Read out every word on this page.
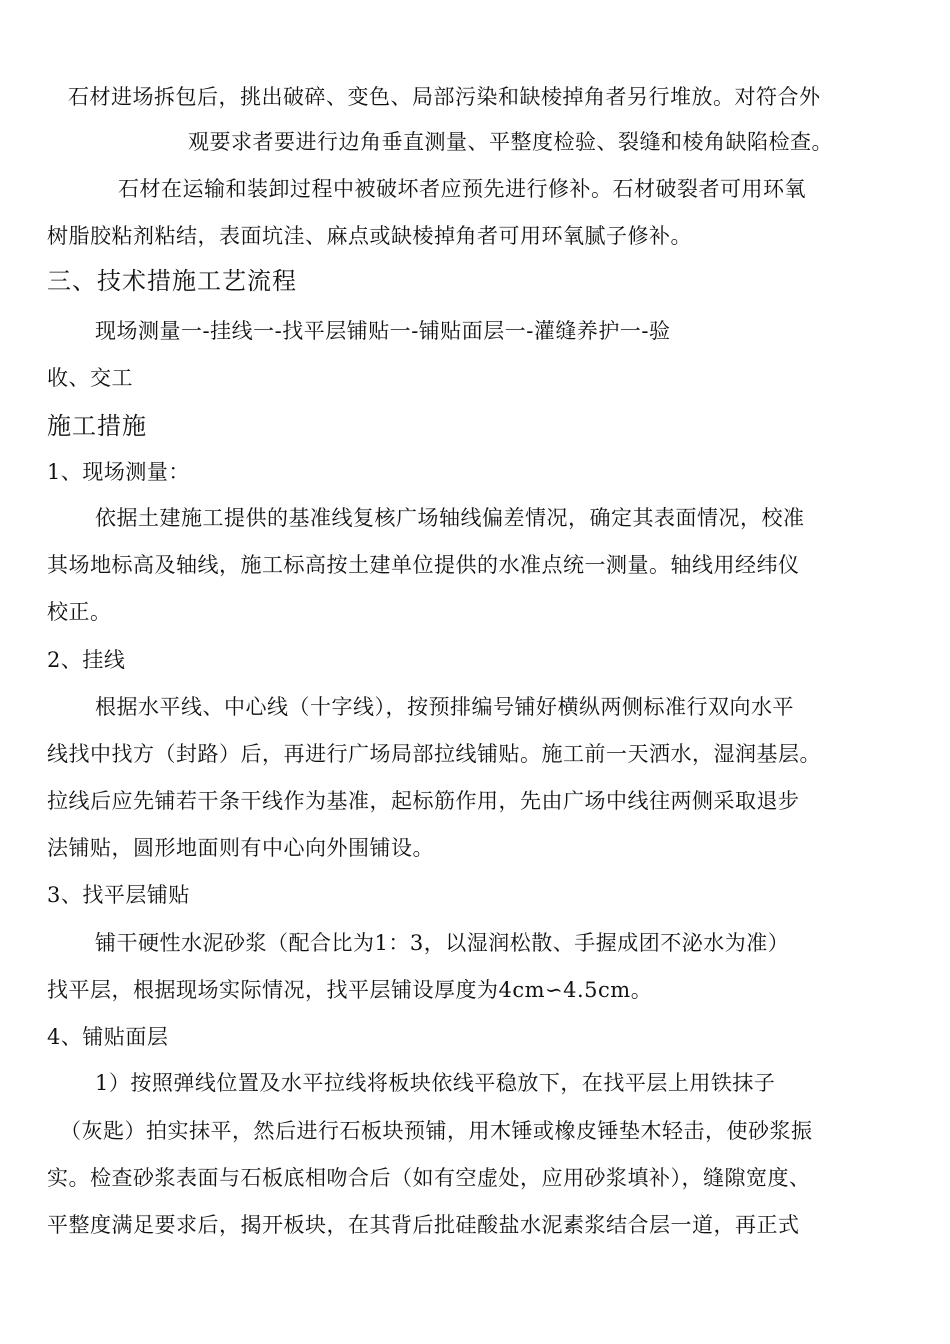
石材进场拆包后，挑出破碎、变色、局部污染和缺棱掉角者另行堆放。对符合外

观要求者要进行边角垂直测量、平整度检验、裂缝和棱角缺陷检查。

石材在运输和装卸过程中被破坏者应预先进行修补。石材破裂者可用环氧

树脂胶粘剂粘结，表面坑洼、麻点或缺棱掉角者可用环氧腻子修补。

三、技术措施工艺流程

现场测量一-挂线一-找平层铺贴一-铺贴面层一-灌缝养护一-验

收、交工

施工措施

1、现场测量：

依据土建施工提供的基准线复核广场轴线偏差情况，确定其表面情况，校准

其场地标高及轴线，施工标高按土建单位提供的水准点统一测量。轴线用经纬仪

校正。

2、挂线

根据水平线、中心线（十字线），按预排编号铺好横纵两侧标准行双向水平

线找中找方（封路）后，再进行广场局部拉线铺贴。施工前一天洒水，湿润基层。

拉线后应先铺若干条干线作为基准，起标筋作用，先由广场中线往两侧采取退步

法铺贴，圆形地面则有中心向外围铺设。

3、找平层铺贴

铺干硬性水泥砂浆（配合比为1：3，以湿润松散、手握成团不泌水为准）

找平层，根据现场实际情况，找平层铺设厚度为4cm∽4.5cm。

4、铺贴面层

1）按照弹线位置及水平拉线将板块依线平稳放下，在找平层上用铁抹子

（灰匙）拍实抹平，然后进行石板块预铺，用木锤或橡皮锤垫木轻击，使砂浆振

实。检查砂浆表面与石板底相吻合后（如有空虚处，应用砂浆填补），缝隙宽度、

平整度满足要求后，揭开板块，在其背后批硅酸盐水泥素浆结合层一道，再正式
